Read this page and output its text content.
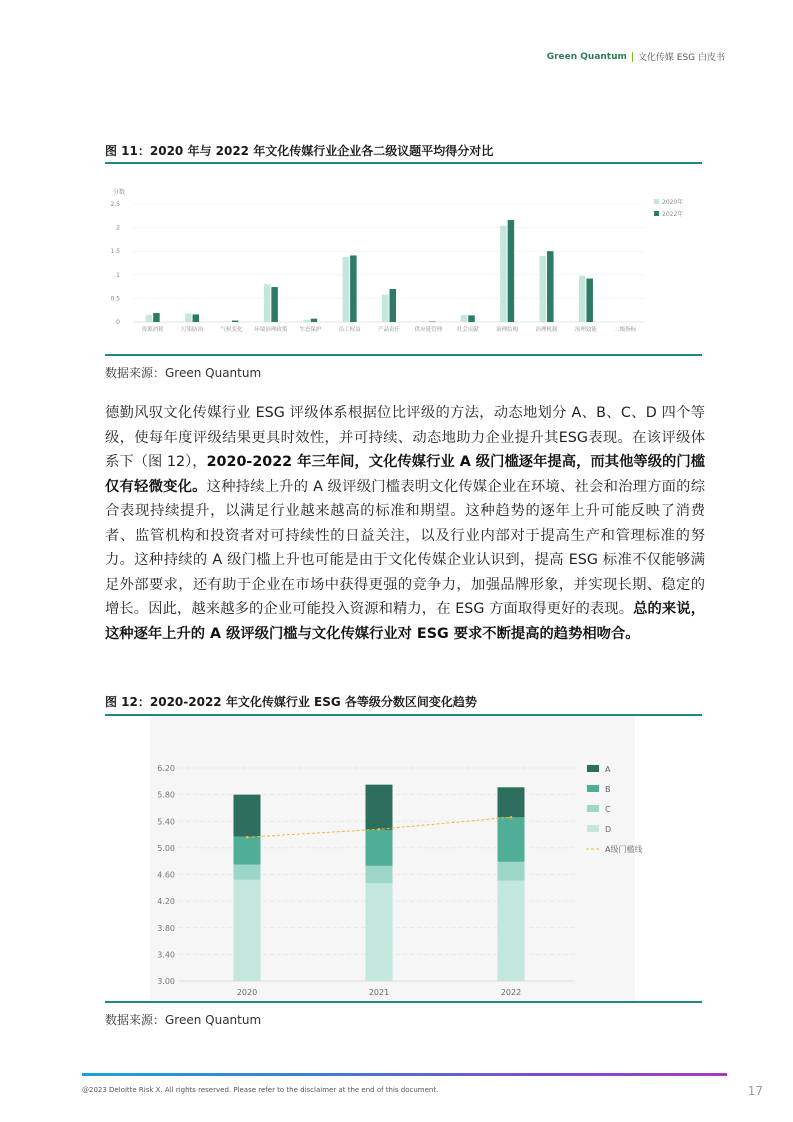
Green Quantum 文化传媒 ESG 白皮书
图 11：2020 年与 2022 年文化传媒行业企业各二级议题平均得分对比
分数
2.5
2
1.5
1
0.5
0
资源消耗	污染防治	气候变化 环境治理政策 生态保护	员工权益	产品责任	供应链管理	社会贡献	治理结构	治理机制	治理效能	二级指标
2020年
2022年
数据来源：Green Quantum
德勤风驭文化传媒行业 ESG 评级体系根据位比评级的方法，动态地划分 A、B、C、D 四个等级，使每年度评级结果更具时效性，并可持续、动态地助力企业提升其ESG表现。在该评级体系下（图 12），2020-2022 年三年间，文化传媒行业 A 级门槛逐年提高，而其他等级的门槛仅有轻微变化。这种持续上升的 A 级评级门槛表明文化传媒企业在环境、社会和治理方面的综合表现持续提升，以满足行业越来越高的标准和期望。这种趋势的逐年上升可能反映了消费者、监管机构和投资者对可持续性的日益关注，以及行业内部对于提高生产和管理标准的努力。这种持续的 A 级门槛上升也可能是由于文化传媒企业认识到，提高 ESG 标准不仅能够满足外部要求，还有助于企业在市场中获得更强的竞争力，加强品牌形象，并实现长期、稳定的增长。因此，越来越多的企业可能投入资源和精力，在 ESG 方面取得更好的表现。总的来说，这种逐年上升的 A 级评级门槛与文化传媒行业对 ESG 要求不断提高的趋势相吻合。
图 12：2020-2022 年文化传媒行业 ESG 各等级分数区间变化趋势
6.20
5.80
5.40
5.00
4.60
4.20
3.80
3.40
3.00
2020	2021	2022
A
B
C
D
A级门槛线
数据来源：Green Quantum
@2023 Deloitte Risk X. All rights reserved. Please refer to the disclaimer at the end of this document.	17
